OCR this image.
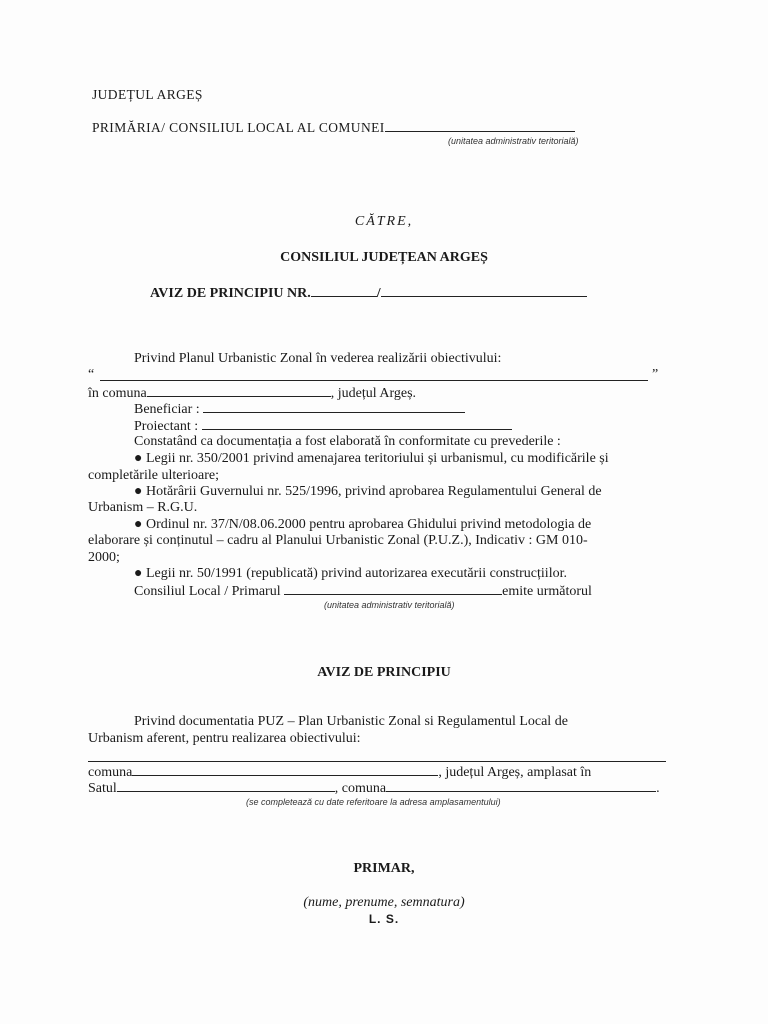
JUDEȚUL ARGEȘ
PRIMĂRIA/ CONSILIUL LOCAL AL COMUNEI
(unitatea administrativ teritorială)
CĂTRE,
CONSILIUL JUDEȚEAN ARGEȘ
AVIZ DE PRINCIPIU NR.	/
Privind Planul Urbanistic Zonal în vederea realizării obiectivului:
“	”
în comuna	, județul Argeș.
Beneficiar :
Proiectant :
Constatând ca documentația a fost elaborată în conformitate cu prevederile :
● Legii nr. 350/2001 privind amenajarea teritoriului și urbanismul, cu modificările și
completările ulterioare;
● Hotărârii Guvernului nr. 525/1996, privind aprobarea Regulamentului General de
Urbanism – R.G.U.
● Ordinul nr. 37/N/08.06.2000 pentru aprobarea Ghidului privind metodologia de
elaborare și conținutul – cadru al Planului Urbanistic Zonal (P.U.Z.), Indicativ : GM 010-
2000;
● Legii nr. 50/1991 (republicată) privind autorizarea executării construcțiilor.
Consiliul Local / Primarul	emite următorul
(unitatea administrativ teritorială)
AVIZ DE PRINCIPIU
Privind documentatia PUZ – Plan Urbanistic Zonal si Regulamentul Local de
Urbanism aferent, pentru realizarea obiectivului:
comuna	, județul Argeș, amplasat în
Satul	, comuna	.
(se completează cu date referitoare la adresa amplasamentului)
PRIMAR,
(nume, prenume, semnatura)
L. S.
